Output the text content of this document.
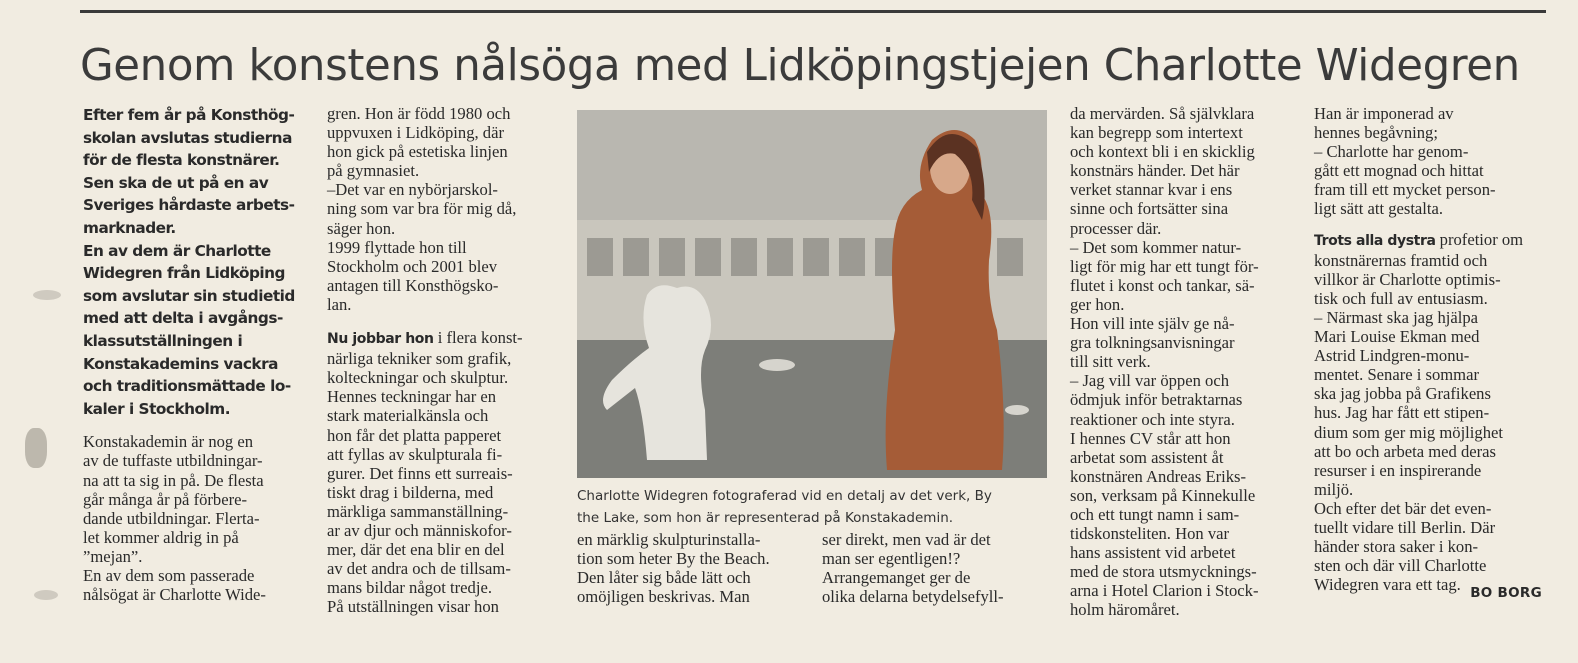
Genom konstens nålsöga med Lidköpingstjejen Charlotte Widegren
Efter fem år på Konsthög-
skolan avslutas studierna
för de flesta konstnärer.
Sen ska de ut på en av
Sveriges hårdaste arbets-
marknader.
En av dem är Charlotte
Widegren från Lidköping
som avslutar sin studietid
med att delta i avgångs-
klassutställningen i
Konstakademins vackra
och traditionsmättade lo-
kaler i Stockholm.
Konstakademin är nog en
av de tuffaste utbildningar-
na att ta sig in på. De flesta
går många år på förbere-
dande utbildningar. Flerta-
let kommer aldrig in på
”mejan”.
En av dem som passerade
nålsögat är Charlotte Wide-
gren. Hon är född 1980 och
uppvuxen i Lidköping, där
hon gick på estetiska linjen
på gymnasiet.
–Det var en nybörjarskol-
ning som var bra för mig då,
säger hon.
1999 flyttade hon till
Stockholm och 2001 blev
antagen till Konsthögsko-
lan.
Nu jobbar hon i flera konst-
närliga tekniker som grafik,
kolteckningar och skulptur.
Hennes teckningar har en
stark materialkänsla och
hon får det platta papperet
att fyllas av skulpturala fi-
gurer. Det finns ett surreais-
tiskt drag i bilderna, med
märkliga sammanställning-
ar av djur och människofor-
mer, där det ena blir en del
av det andra och de tillsam-
mans bildar något tredje.
På utställningen visar hon
Charlotte Widegren fotograferad vid en detalj av det verk, By
the Lake, som hon är representerad på Konstakademin.
en märklig skulpturinstalla-
tion som heter By the Beach.
Den låter sig både lätt och
omöjligen beskrivas. Man
ser direkt, men vad är det
man ser egentligen!?
Arrangemanget ger de
olika delarna betydelsefyll-
da mervärden. Så självklara
kan begrepp som intertext
och kontext bli i en skicklig
konstnärs händer. Det här
verket stannar kvar i ens
sinne och fortsätter sina
processer där.
– Det som kommer natur-
ligt för mig har ett tungt för-
flutet i konst och tankar, sä-
ger hon.
Hon vill inte själv ge nå-
gra tolkningsanvisningar
till sitt verk.
– Jag vill var öppen och
ödmjuk inför betraktarnas
reaktioner och inte styra.
I hennes CV står att hon
arbetat som assistent åt
konstnären Andreas Eriks-
son, verksam på Kinnekulle
och ett tungt namn i sam-
tidskonsteliten. Hon var
hans assistent vid arbetet
med de stora utsmycknings-
arna i Hotel Clarion i Stock-
holm häromåret.
Han är imponerad av
hennes begåvning;
– Charlotte har genom-
gått ett mognad och hittat
fram till ett mycket person-
ligt sätt att gestalta.
Trots alla dystra profetior om
konstnärernas framtid och
villkor är Charlotte optimis-
tisk och full av entusiasm.
– Närmast ska jag hjälpa
Mari Louise Ekman med
Astrid Lindgren-monu-
mentet. Senare i sommar
ska jag jobba på Grafikens
hus. Jag har fått ett stipen-
dium som ger mig möjlighet
att bo och arbeta med deras
resurser i en inspirerande
miljö.
Och efter det bär det even-
tuellt vidare till Berlin. Där
händer stora saker i kon-
sten och där vill Charlotte
Widegren vara ett tag. BO BORG
